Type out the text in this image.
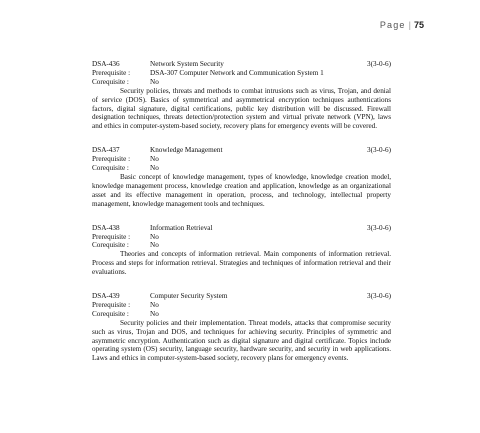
Page | 75
DSA-436	Network System Security	3(3-0-6)
Prerequisite :	DSA-307 Computer Network and Communication System 1
Corequisite :	No

Security policies, threats and methods to combat intrusions such as virus, Trojan, and denial of service (DOS). Basics of symmetrical and asymmetrical encryption techniques authentications factors, digital signature, digital certifications, public key distribution will be discussed. Firewall designation techniques, threats detection/protection system and virtual private network (VPN), laws and ethics in computer-system-based society, recovery plans for emergency events will be covered.

DSA-437	Knowledge Management	3(3-0-6)
Prerequisite :	No
Corequisite :	No

Basic concept of knowledge management, types of knowledge, knowledge creation model, knowledge management process, knowledge creation and application, knowledge as an organizational asset and its effective management in operation, process, and technology, intellectual property management, knowledge management tools and techniques.

DSA-438	Information Retrieval	3(3-0-6)
Prerequisite :	No
Corequisite :	No

Theories and concepts of information retrieval. Main components of information retrieval. Process and steps for information retrieval. Strategies and techniques of information retrieval and their evaluations.

DSA-439	Computer Security System	3(3-0-6)
Prerequisite :	No
Corequisite :	No

Security policies and their implementation. Threat models, attacks that compromise security such as virus, Trojan and DOS, and techniques for achieving security. Principles of symmetric and asymmetric encryption. Authentication such as digital signature and digital certificate. Topics include operating system (OS) security, language security, hardware security, and security in web applications. Laws and ethics in computer-system-based society, recovery plans for emergency events.
